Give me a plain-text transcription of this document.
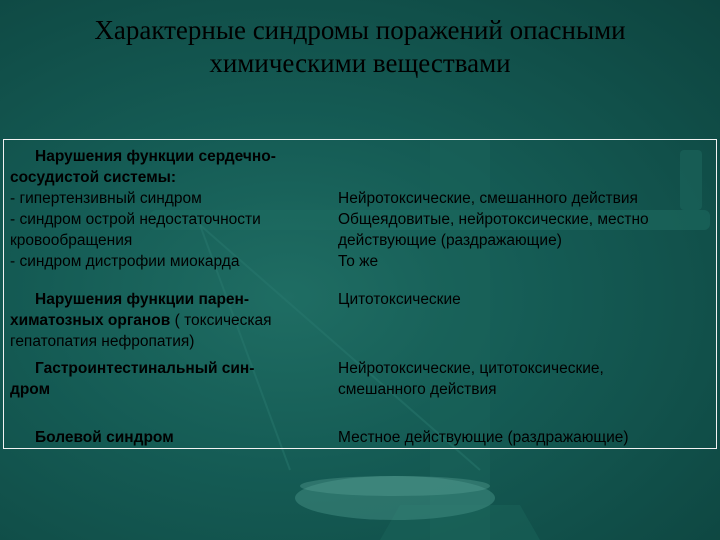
Характерные синдромы поражений опасными
химическими веществами
Нарушения функции сердечно-
сосудистой системы:
- гипертензивный синдром
- синдром острой недостаточности
кровообращения
- синдром дистрофии миокарда
Нейротоксические, смешанного действия
Общеядовитые, нейротоксические, местно
действующие (раздражающие)
То же
Нарушения функции парен-
химатозных органов ( токсическая
гепатопатия нефропатия)
Цитотоксические
Гастроинтестинальный син-
дром
Нейротоксические, цитотоксические,
смешанного действия
Болевой синдром	Местное действующие (раздражающие)
